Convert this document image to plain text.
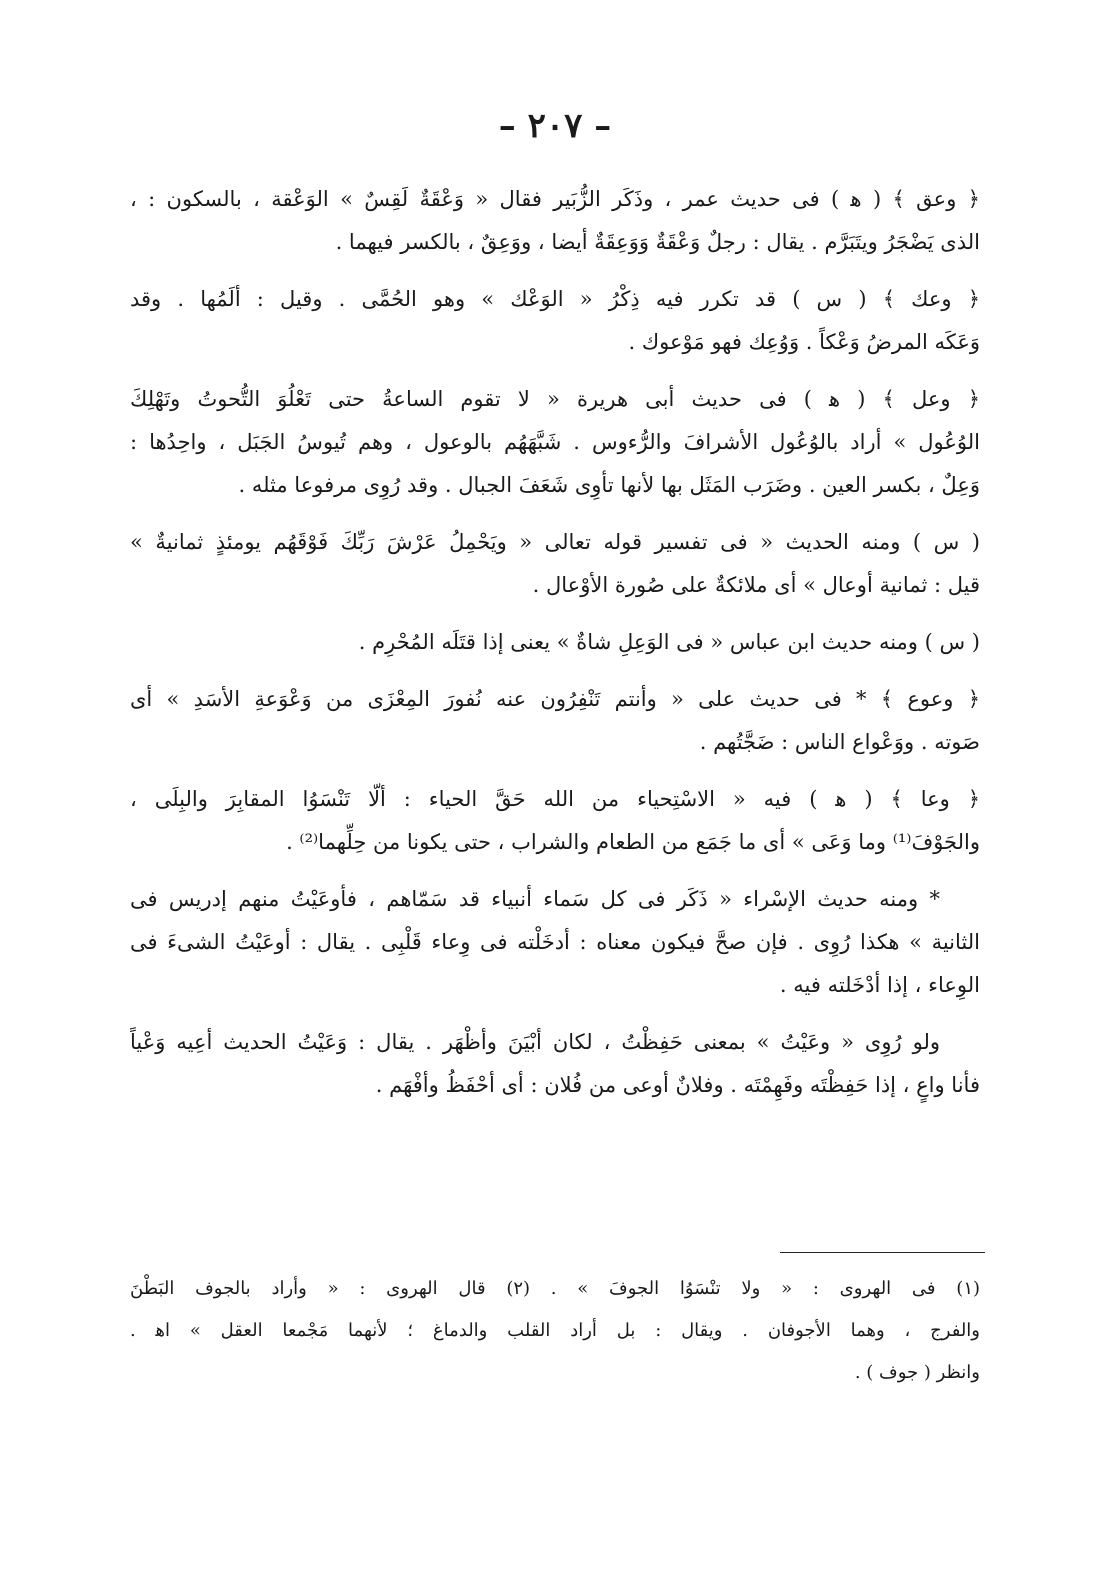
– ٢٠٧ –
﴿ وعق ﴾ ( ﻫ ) فى حديث عمر ، وذَكَر الزُّبَير فقال « وَعْقَةٌ لَقِسٌ » الوَعْقة ، بالسكون : ،
الذى يَضْجَرُ ويتَبَرَّم . يقال : رجلٌ وَعْقَةٌ وَوَعِقَةٌ أيضا ، ووَعِقٌ ، بالكسر فيهما .
﴿ وعك ﴾ ( س ) قد تكرر فيه ذِكْرُ « الوَعْك » وهو الحُمَّى . وقيل : ألَمُها . وقد
وَعَكَه المرضُ وَعْكاً . وَوُعِك فهو مَوْعوك .
﴿ وعل ﴾ ( ﻫ ) فى حديث أبى هريرة « لا تقوم الساعةُ حتى تَعْلُوَ التُّحوتُ وتَهْلِكَ
الوُعُول » أراد بالوُعُول الأشرافَ والرُّءوس . شَبَّهَهُم بالوعول ، وهم تُيوسُ الجَبَل ، واحِدُها :
وَعِلٌ ، بكسر العين . وضَرَب المَثَل بها لأنها تأوِى شَعَفَ الجبال . وقد رُوِى مرفوعا مثله .
( س ) ومنه الحديث « فى تفسير قوله تعالى « ويَحْمِلُ عَرْشَ رَبِّكَ فَوْقَهُم يومئذٍ ثمانيةٌ »
قيل : ثمانية أوعال » أى ملائكةٌ على صُورة الأوْعال .
( س ) ومنه حديث ابن عباس « فى الوَعِلِ شاةٌ » يعنى إذا قتَلَه المُحْرِم .
﴿ وعوع ﴾ * فى حديث على « وأنتم تَنْفِرُون عنه نُفورَ المِعْزَى من وَعْوَعةِ الأسَدِ » أى
صَوته . ووَعْواع الناس : ضَجَّتُهم .
﴿ وعا ﴾ ( ﻫ ) فيه « الاسْتِحياء من الله حَقَّ الحياء : ألّا تَنْسَوُا المقابِرَ والبِلَى ،
والجَوْفَ⁽¹⁾ وما وَعَى » أى ما جَمَع من الطعام والشراب ، حتى يكونا من حِلِّهما⁽²⁾ .
* ومنه حديث الإسْراء « ذَكَر فى كل سَماء أنبياء قد سَمّاهم ، فأوعَيْتُ منهم إدريس فى
الثانية » هكذا رُوِى . فإن صحَّ فيكون معناه : أدخَلْته فى وِعاء قَلْبِى . يقال : أوعَيْتُ الشىءَ فى
الوِعاء ، إذا أدْخَلته فيه .
ولو رُوِى « وعَيْتُ » بمعنى حَفِظْتُ ، لكان أبْيَنَ وأظْهَر . يقال : وَعَيْتُ الحديث أعِيه وَعْياً
فأنا واعٍ ، إذا حَفِظْتَه وفَهِمْتَه . وفلانٌ أوعى من فُلان : أى أحْفَظُ وأفْهَم .
(١) فى الهروى : « ولا تنْسَوُا الجوفَ » . (٢) قال الهروى : « وأراد بالجوف البَطْنَ
والفرج ، وهما الأجوفان . ويقال : بل أراد القلب والدماغ ؛ لأنهما مَجْمعا العقل » اﻫ .
وانظر ( جوف ) .
